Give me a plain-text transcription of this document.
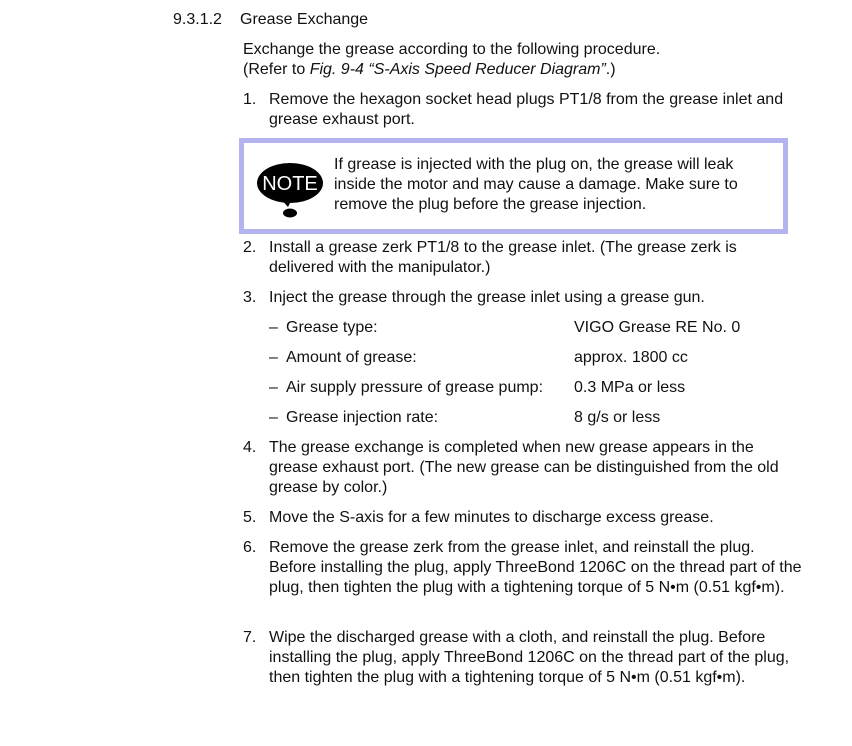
9.3.1.2 Grease Exchange
Exchange the grease according to the following procedure.
(Refer to Fig. 9-4 “S-Axis Speed Reducer Diagram”.)
1. Remove the hexagon socket head plugs PT1/8 from the grease inlet and grease exhaust port.
NOTE
If grease is injected with the plug on, the grease will leak inside the motor and may cause a damage. Make sure to remove the plug before the grease injection.
2. Install a grease zerk PT1/8 to the grease inlet. (The grease zerk is delivered with the manipulator.)
3. Inject the grease through the grease inlet using a grease gun.
– Grease type:	VIGO Grease RE No. 0
– Amount of grease:	approx. 1800 cc
– Air supply pressure of grease pump: 0.3 MPa or less
– Grease injection rate:	8 g/s or less
4. The grease exchange is completed when new grease appears in the grease exhaust port. (The new grease can be distinguished from the old grease by color.)
5. Move the S-axis for a few minutes to discharge excess grease.
6. Remove the grease zerk from the grease inlet, and reinstall the plug. Before installing the plug, apply ThreeBond 1206C on the thread part of the plug, then tighten the plug with a tightening torque of 5 N•m (0.51 kgf•m).
7. Wipe the discharged grease with a cloth, and reinstall the plug. Before installing the plug, apply ThreeBond 1206C on the thread part of the plug, then tighten the plug with a tightening torque of 5 N•m (0.51 kgf•m).
